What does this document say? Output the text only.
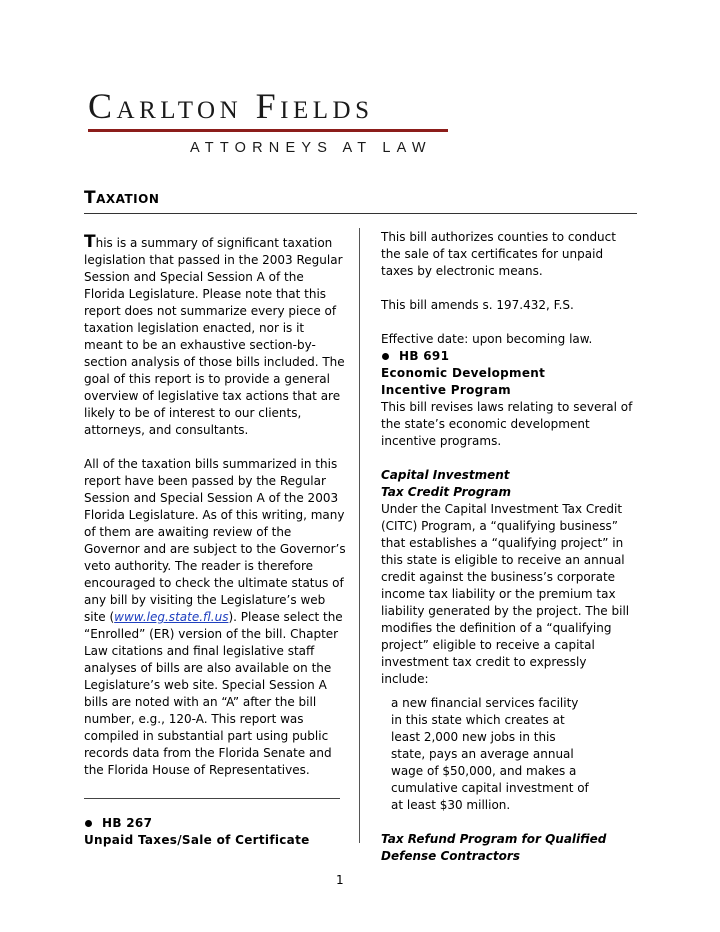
Carlton Fields
ATTORNEYS AT LAW
Taxation

This is a summary of significant taxation legislation that passed in the 2003 Regular Session and Special Session A of the Florida Legislature. Please note that this report does not summarize every piece of taxation legislation enacted, nor is it meant to be an exhaustive section-by-section analysis of those bills included. The goal of this report is to provide a general overview of legislative tax actions that are likely to be of interest to our clients, attorneys, and consultants.

All of the taxation bills summarized in this report have been passed by the Regular Session and Special Session A of the 2003 Florida Legislature. As of this writing, many of them are awaiting review of the Governor and are subject to the Governor’s veto authority. The reader is therefore encouraged to check the ultimate status of any bill by visiting the Legislature’s web site (www.leg.state.fl.us). Please select the “Enrolled” (ER) version of the bill. Chapter Law citations and final legislative staff analyses of bills are also available on the Legislature’s web site. Special Session A bills are noted with an “A” after the bill number, e.g., 120-A. This report was compiled in substantial part using public records data from the Florida Senate and the Florida House of Representatives.

HB 267
Unpaid Taxes/Sale of Certificate

This bill authorizes counties to conduct the sale of tax certificates for unpaid taxes by electronic means.

This bill amends s. 197.432, F.S.

Effective date: upon becoming law.

HB 691
Economic Development
Incentive Program

This bill revises laws relating to several of the state’s economic development incentive programs.

Capital Investment
Tax Credit Program

Under the Capital Investment Tax Credit (CITC) Program, a “qualifying business” that establishes a “qualifying project” in this state is eligible to receive an annual credit against the business’s corporate income tax liability or the premium tax liability generated by the project. The bill modifies the definition of a “qualifying project” eligible to receive a capital investment tax credit to expressly include:

a new financial services facility in this state which creates at least 2,000 new jobs in this state, pays an average annual wage of $50,000, and makes a cumulative capital investment of at least $30 million.

Tax Refund Program for Qualified
Defense Contractors
1
